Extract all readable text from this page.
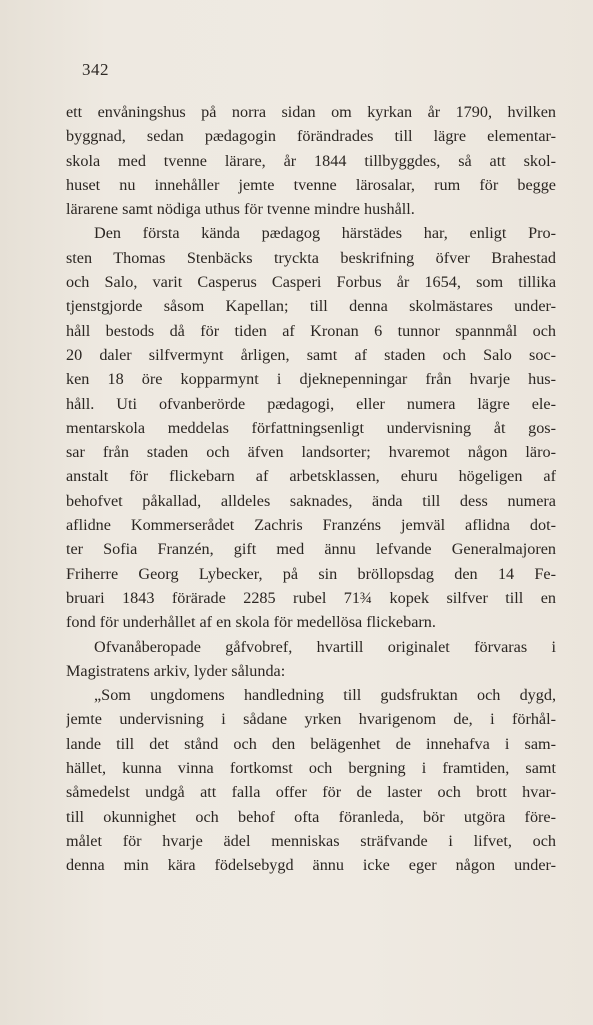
342
ett envåningshus på norra sidan om kyrkan år 1790, hvilken
byggnad, sedan pædagogin förändrades till lägre elementar-
skola med tvenne lärare, år 1844 tillbyggdes, så att skol-
huset nu innehåller jemte tvenne lärosalar, rum för begge
lärarene samt nödiga uthus för tvenne mindre hushåll.
Den första kända pædagog härstädes har, enligt Pro-
sten Thomas Stenbäcks tryckta beskrifning öfver Brahestad
och Salo, varit Casperus Casperi Forbus år 1654, som tillika
tjenstgjorde såsom Kapellan; till denna skolmästares under-
håll bestods då för tiden af Kronan 6 tunnor spannmål och
20 daler silfvermynt årligen, samt af staden och Salo soc-
ken 18 öre kopparmynt i djeknepenningar från hvarje hus-
håll. Uti ofvanberörde pædagogi, eller numera lägre ele-
mentarskola meddelas författningsenligt undervisning åt gos-
sar från staden och äfven landsorter; hvaremot någon läro-
anstalt för flickebarn af arbetsklassen, ehuru högeligen af
behofvet påkallad, alldeles saknades, ända till dess numera
aflidne Kommerserådet Zachris Franzéns jemväl aflidna dot-
ter Sofia Franzén, gift med ännu lefvande Generalmajoren
Friherre Georg Lybecker, på sin bröllopsdag den 14 Fe-
bruari 1843 förärade 2285 rubel 71¾ kopek silfver till en
fond för underhållet af en skola för medellösa flickebarn.
Ofvanåberopade gåfvobref, hvartill originalet förvaras i
Magistratens arkiv, lyder sålunda:
„Som ungdomens handledning till gudsfruktan och dygd,
jemte undervisning i sådane yrken hvarigenom de, i förhål-
lande till det stånd och den belägenhet de innehafva i sam-
hället, kunna vinna fortkomst och bergning i framtiden, samt
såmedelst undgå att falla offer för de laster och brott hvar-
till okunnighet och behof ofta föranleda, bör utgöra före-
målet för hvarje ädel menniskas sträfvande i lifvet, och
denna min kära födelsebygd ännu icke eger någon under-
